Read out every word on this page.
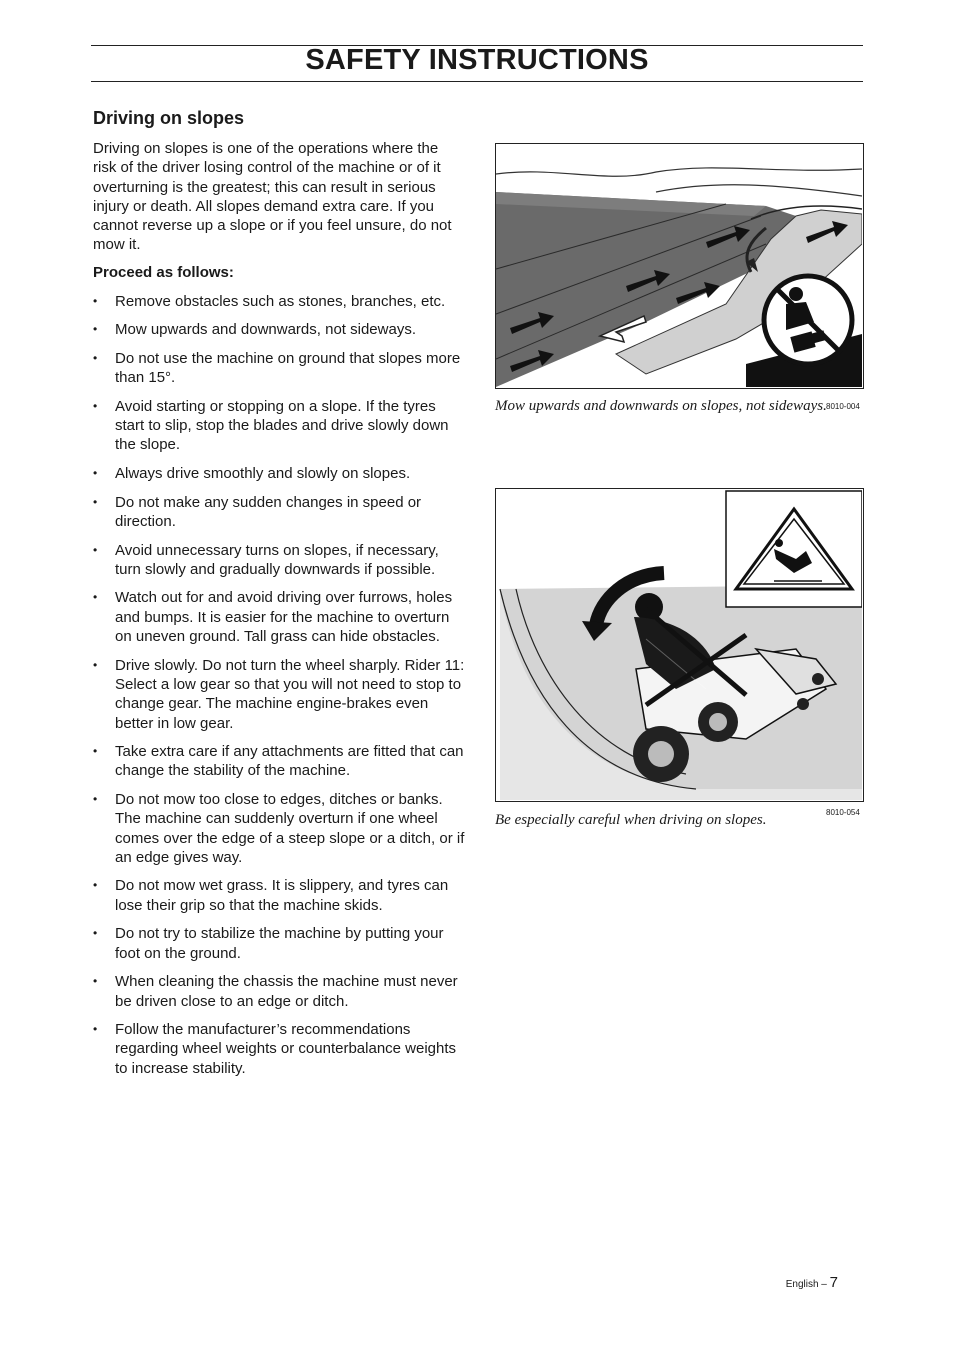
SAFETY INSTRUCTIONS
Driving on slopes

Driving on slopes is one of the operations where the risk of the driver losing control of the machine or of it overturning is the greatest; this can result in serious injury or death. All slopes demand extra care. If you cannot reverse up a slope or if you feel unsure, do not mow it.

Proceed as follows:

• Remove obstacles such as stones, branches, etc.
• Mow upwards and downwards, not sideways.
• Do not use the machine on ground that slopes more than 15°.
• Avoid starting or stopping on a slope. If the tyres start to slip, stop the blades and drive slowly down the slope.
• Always drive smoothly and slowly on slopes.
• Do not make any sudden changes in speed or direction.
• Avoid unnecessary turns on slopes, if necessary, turn slowly and gradually downwards if possible.
• Watch out for and avoid driving over furrows, holes and bumps. It is easier for the machine to overturn on uneven ground. Tall grass can hide obstacles.
• Drive slowly. Do not turn the wheel sharply. Rider 11: Select a low gear so that you will not need to stop to change gear. The machine engine-brakes even better in low gear.
• Take extra care if any attachments are fitted that can change the stability of the machine.
• Do not mow too close to edges, ditches or banks. The machine can suddenly overturn if one wheel comes over the edge of a steep slope or a ditch, or if an edge gives way.
• Do not mow wet grass. It is slippery, and tyres can lose their grip so that the machine skids.
• Do not try to stabilize the machine by putting your foot on the ground.
• When cleaning the chassis the machine must never be driven close to an edge or ditch.
• Follow the manufacturer’s recommendations regarding wheel weights or counterbalance weights to increase stability.
Mow upwards and downwards on slopes, not sideways. 8010-004
Be especially careful when driving on slopes.	8010-054
English – 7
